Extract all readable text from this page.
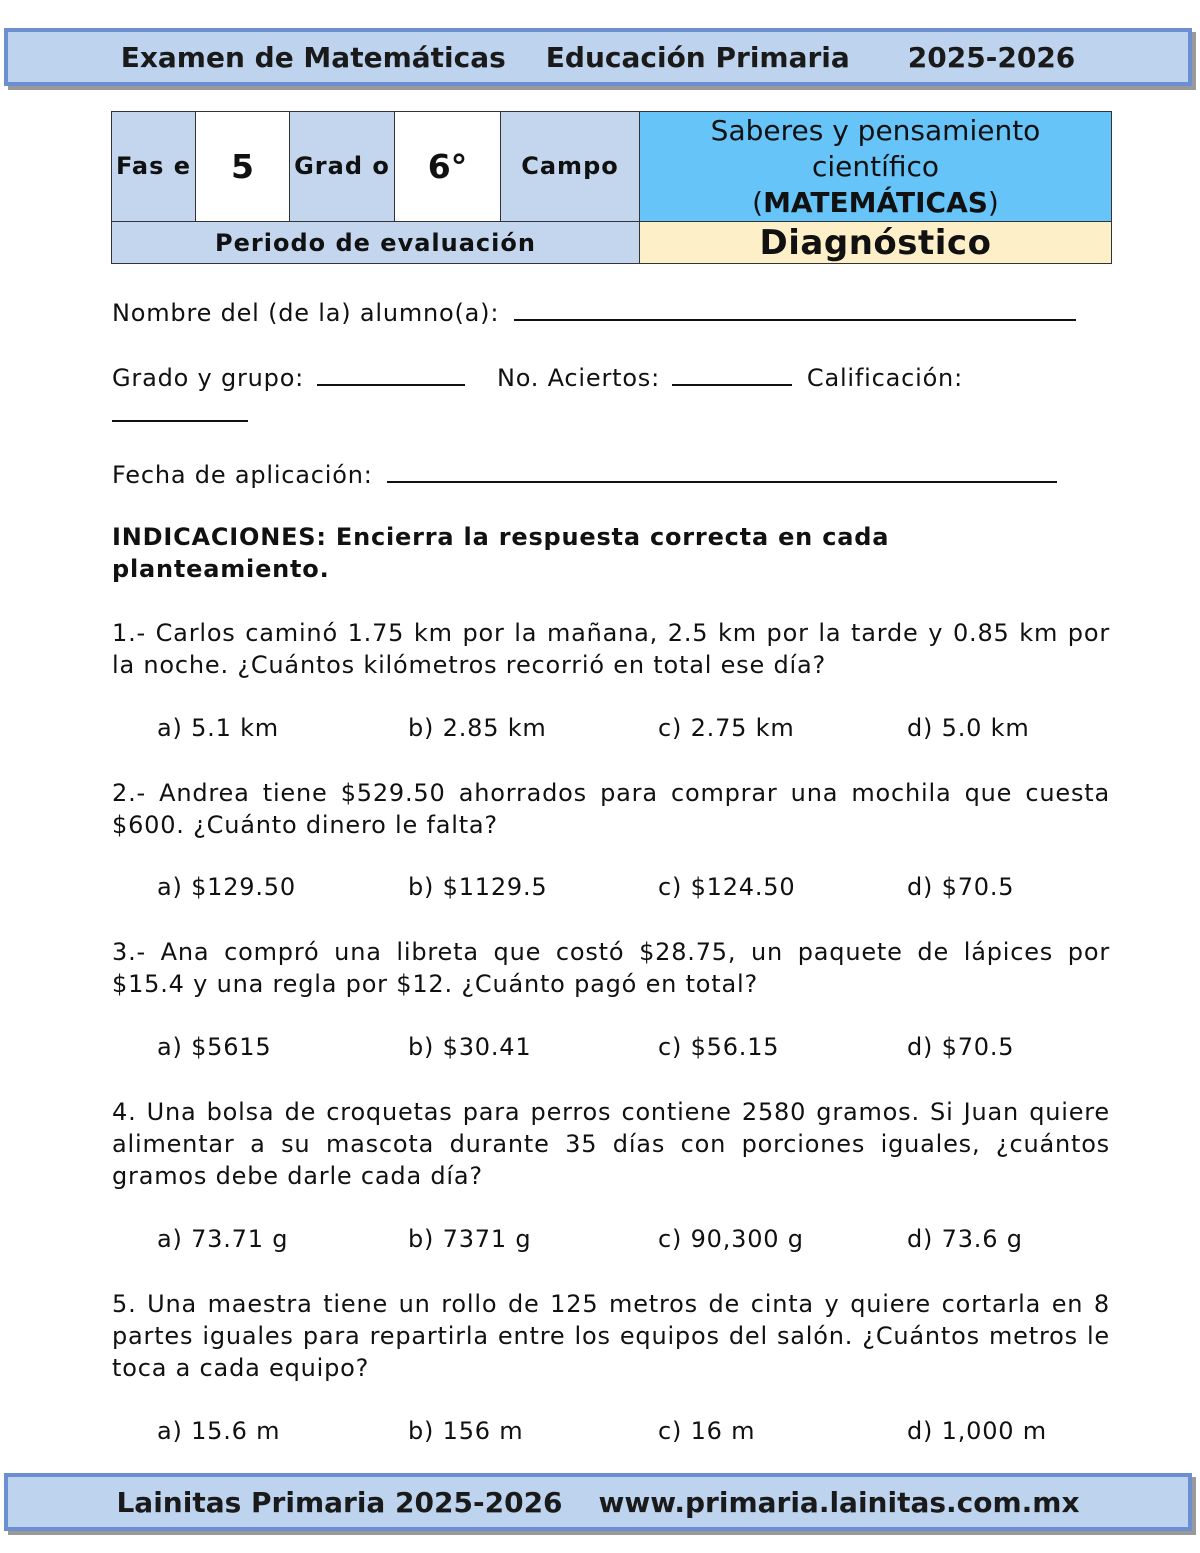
Examen de Matemáticas Educación Primaria 2025-2026
Fas e	5	Grad o	6°	Campo	Saberes y pensamiento
científico
(MATEMÁTICAS)

Periodo de evaluación					Diagnóstico
Nombre del (de la) alumno(a):
Grado y grupo:	No. Aciertos:	Calificación:
Fecha de aplicación:
INDICACIONES: Encierra la respuesta correcta en cada planteamiento.
1.- Carlos caminó 1.75 km por la mañana, 2.5 km por la tarde y 0.85 km por la noche. ¿Cuántos kilómetros recorrió en total ese día?
a) 5.1 km	b) 2.85 km	c) 2.75 km	d) 5.0 km
2.- Andrea tiene $529.50 ahorrados para comprar una mochila que cuesta $600. ¿Cuánto dinero le falta?
a) $129.50	b) $1129.5	c) $124.50	d) $70.5
3.- Ana compró una libreta que costó $28.75, un paquete de lápices por $15.4 y una regla por $12. ¿Cuánto pagó en total?
a) $5615	b) $30.41	c) $56.15	d) $70.5
4. Una bolsa de croquetas para perros contiene 2580 gramos. Si Juan quiere alimentar a su mascota durante 35 días con porciones iguales, ¿cuántos gramos debe darle cada día?
a) 73.71 g	b) 7371 g	c) 90,300 g	d) 73.6 g
5. Una maestra tiene un rollo de 125 metros de cinta y quiere cortarla en 8 partes iguales para repartirla entre los equipos del salón. ¿Cuántos metros le toca a cada equipo?
a) 15.6 m	b) 156 m	c) 16 m	d) 1,000 m
Lainitas Primaria 2025-2026 www.primaria.lainitas.com.mx
